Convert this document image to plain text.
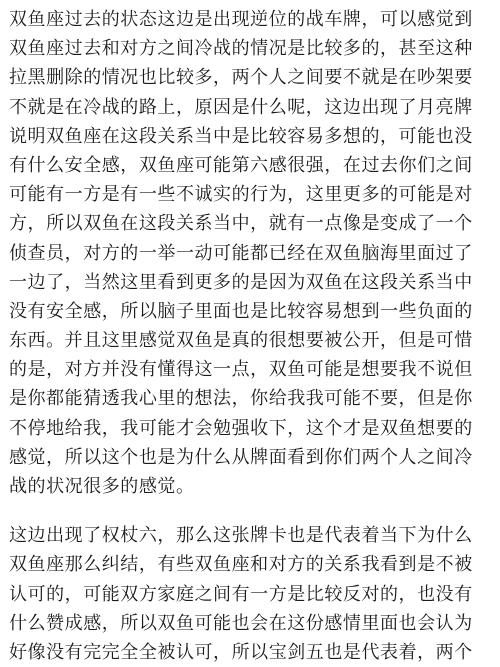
双鱼座过去的状态这边是出现逆位的战车牌，可以感觉到
双鱼座过去和对方之间冷战的情况是比较多的，甚至这种
拉黑删除的情况也比较多，两个人之间要不就是在吵架要
不就是在冷战的路上，原因是什么呢，这边出现了月亮牌
说明双鱼座在这段关系当中是比较容易多想的，可能也没
有什么安全感，双鱼座可能第六感很强，在过去你们之间
可能有一方是有一些不诚实的行为，这里更多的可能是对
方，所以双鱼在这段关系当中，就有一点像是变成了一个
侦查员，对方的一举一动可能都已经在双鱼脑海里面过了
一边了，当然这里看到更多的是因为双鱼在这段关系当中
没有安全感，所以脑子里面也是比较容易想到一些负面的
东西。并且这里感觉双鱼是真的很想要被公开，但是可惜
的是，对方并没有懂得这一点，双鱼可能是想要我不说但
是你都能猜透我心里的想法，你给我我可能不要，但是你
不停地给我，我可能才会勉强收下，这个才是双鱼想要的
感觉，所以这个也是为什么从牌面看到你们两个人之间冷
战的状况很多的感觉。
这边出现了权杖六，那么这张牌卡也是代表着当下为什么
双鱼座那么纠结，有些双鱼座和对方的关系我看到是不被
认可的，可能双方家庭之间有一方是比较反对的，也没有
什么赞成感，所以双鱼可能也会在这份感情里面也会认为
好像没有完完全全被认可，所以宝剑五也是代表着，两个
